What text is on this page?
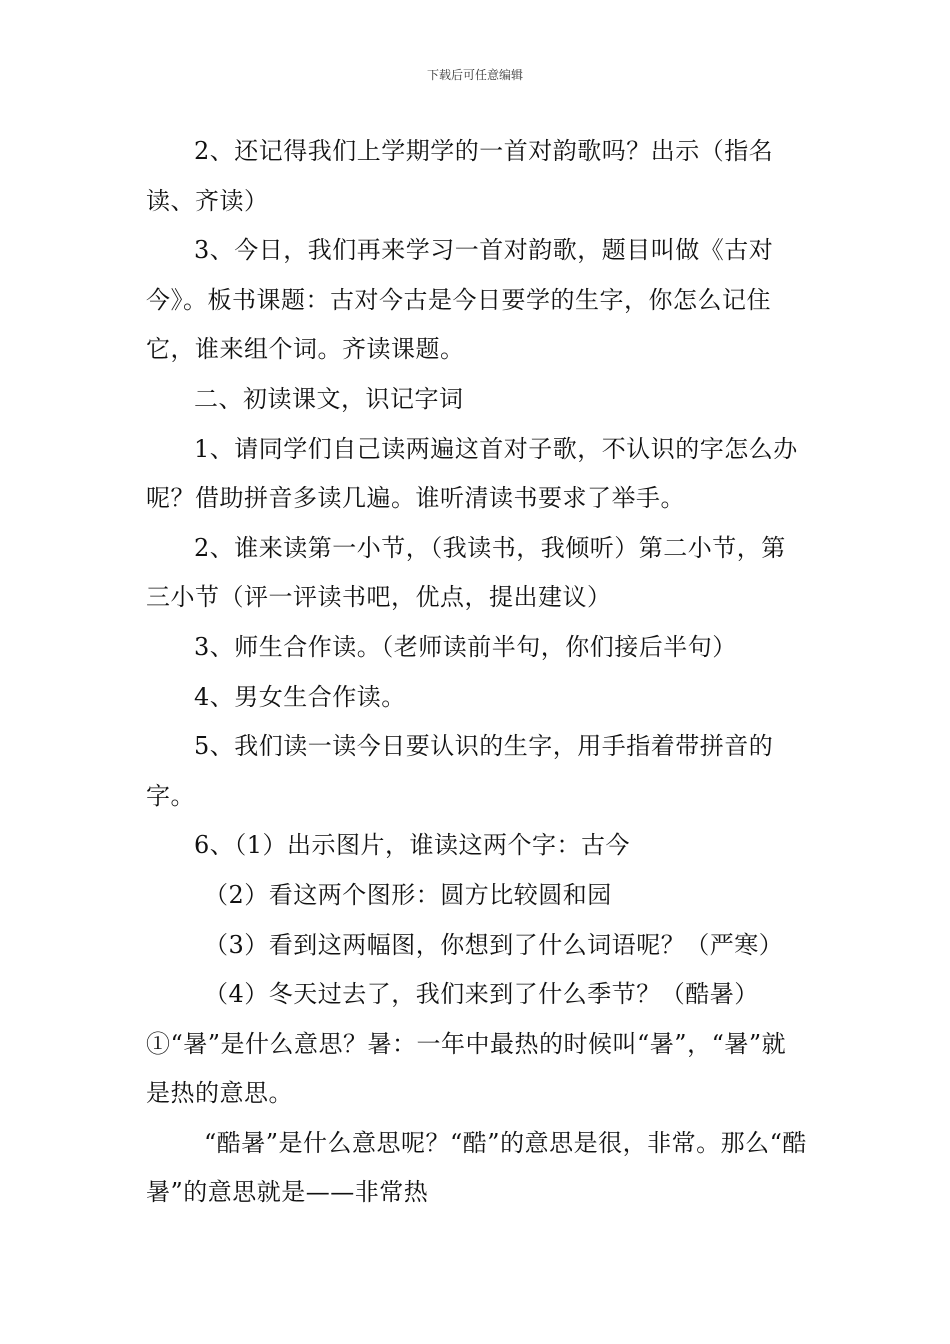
下载后可任意编辑

2、还记得我们上学期学的一首对韵歌吗？出示（指名读、齐读）

3、今日，我们再来学习一首对韵歌，题目叫做《古对今》。板书课题：古对今古是今日要学的生字，你怎么记住它，谁来组个词。齐读课题。

二、初读课文，识记字词

1、请同学们自己读两遍这首对子歌，不认识的字怎么办呢？借助拼音多读几遍。谁听清读书要求了举手。

2、谁来读第一小节，（我读书，我倾听）第二小节，第三小节（评一评读书吧，优点，提出建议）

3、师生合作读。（老师读前半句，你们接后半句）

4、男女生合作读。

5、我们读一读今日要认识的生字，用手指着带拼音的字。

6、（1）出示图片，谁读这两个字：古今

（2）看这两个图形：圆方比较圆和园

（3）看到这两幅图，你想到了什么词语呢？（严寒）

（4）冬天过去了，我们来到了什么季节？（酷暑）①“暑”是什么意思？暑：一年中最热的时候叫“暑”，“暑”就是热的意思。

“酷暑”是什么意思呢？“酷”的意思是很，非常。那么“酷暑”的意思就是——非常热
